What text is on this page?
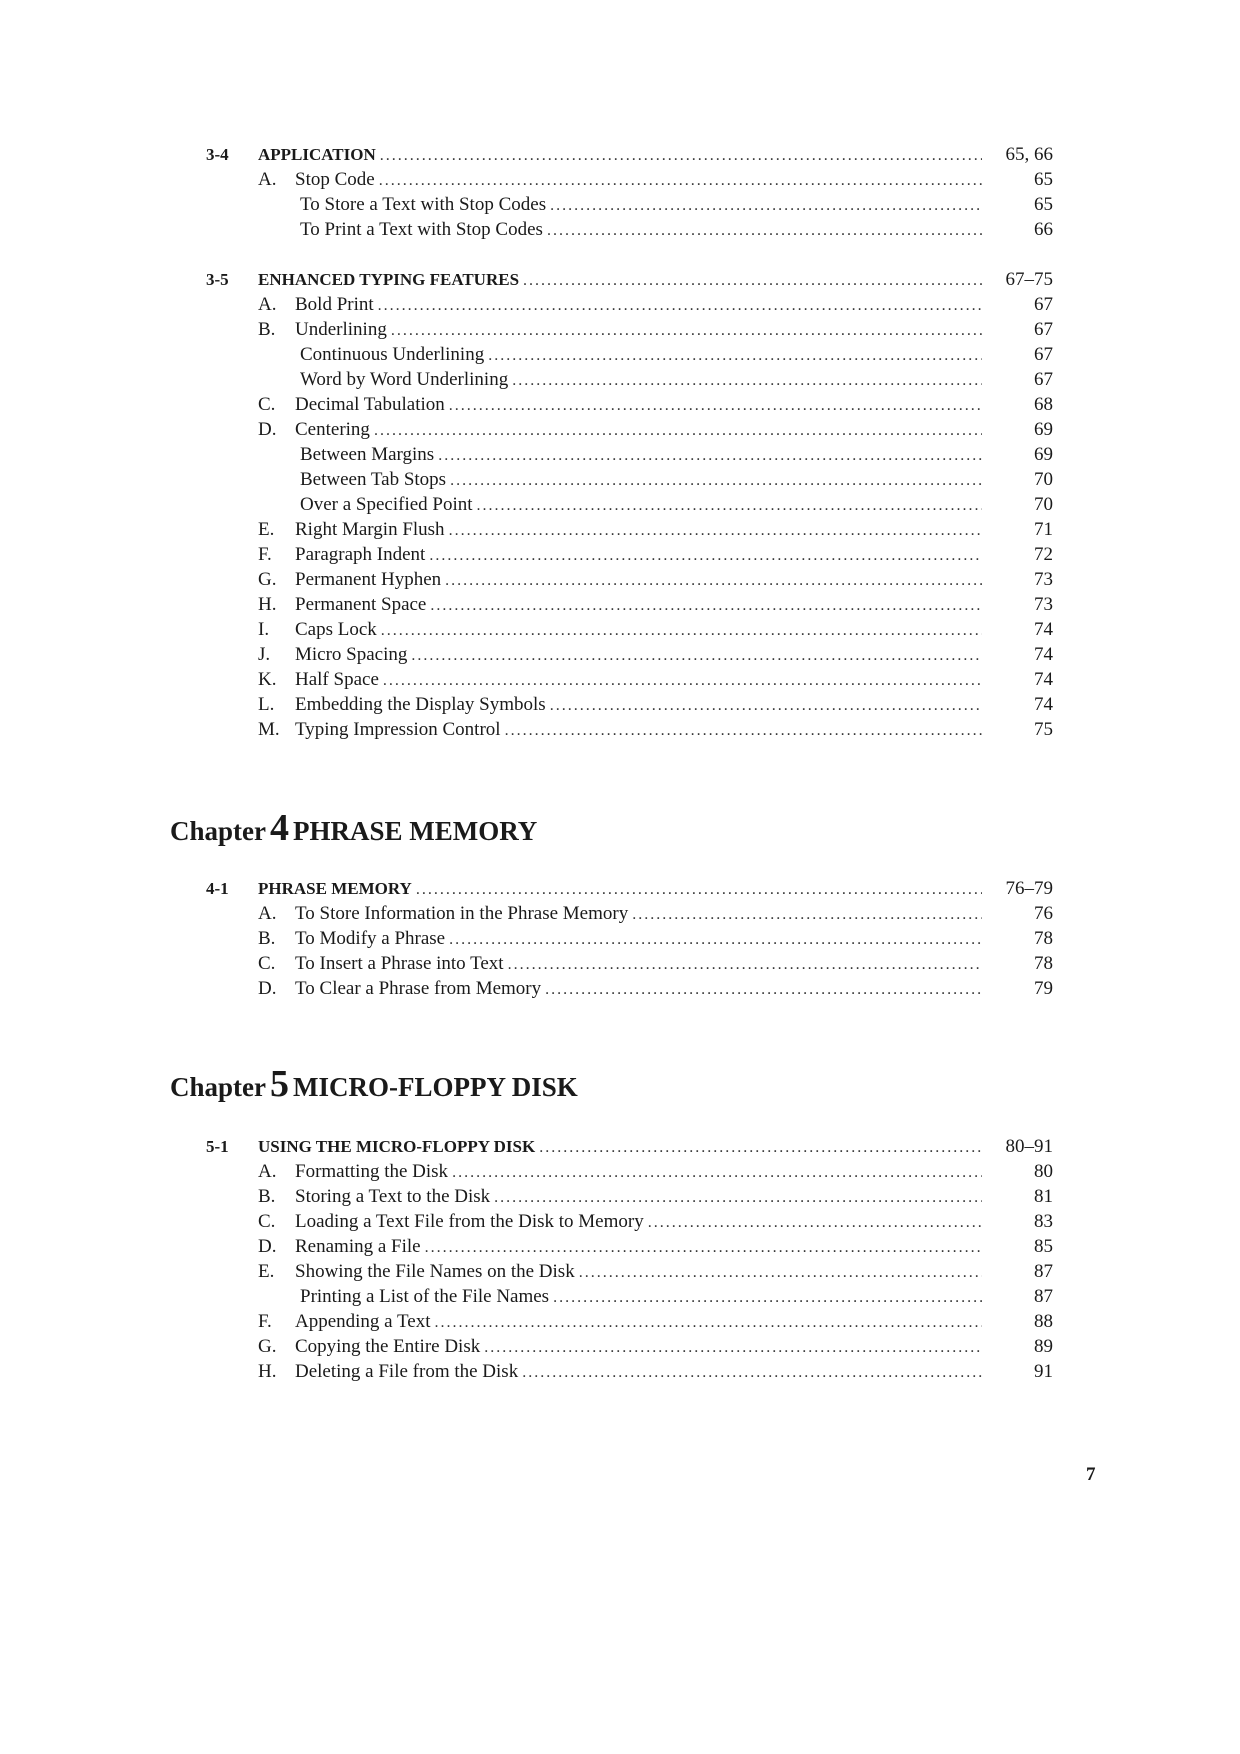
3-4 APPLICATION .....	65, 66
A. Stop Code .....	65
To Store a Text with Stop Codes .....	65
To Print a Text with Stop Codes .....	66
3-5 ENHANCED TYPING FEATURES .....	67–75
A. Bold Print .....	67
B.	Underlining .....	67
Continuous Underlining .....	67
Word by Word Underlining .....	67
C.	Decimal Tabulation .....	68
D. Centering .....	69
Between Margins .....	69
Between Tab Stops .....	70
Over a Specified Point .....	70
E.	Right Margin Flush .....	71
F.	Paragraph Indent .....	72
G. Permanent Hyphen .....	73
H. Permanent Space .....	73
I.	Caps Lock .....	74
J.	Micro Spacing .....	74
K. Half Space .....	74
L.	Embedding the Display Symbols .....	74
M. Typing Impression Control .....	75
4-1 PHRASE MEMORY .....	76–79
A. To Store Information in the Phrase Memory .....	76
B.	To Modify a Phrase .....	78
C.	To Insert a Phrase into Text .....	78
D. To Clear a Phrase from Memory .....	79
5-1 USING THE MICRO-FLOPPY DISK .....	80–91
A. Formatting the Disk .....	80
B.	Storing a Text to the Disk .....	81
C.	Loading a Text File from the Disk to Memory .....	83
D. Renaming a File .....	85
E.	Showing the File Names on the Disk .....	87
Printing a List of the File Names .....	87
F.	Appending a Text .....	88
G. Copying the Entire Disk .....	89
H. Deleting a File from the Disk .....	91
Chapter 4 PHRASE MEMORY
Chapter 5 MICRO-FLOPPY DISK
7
